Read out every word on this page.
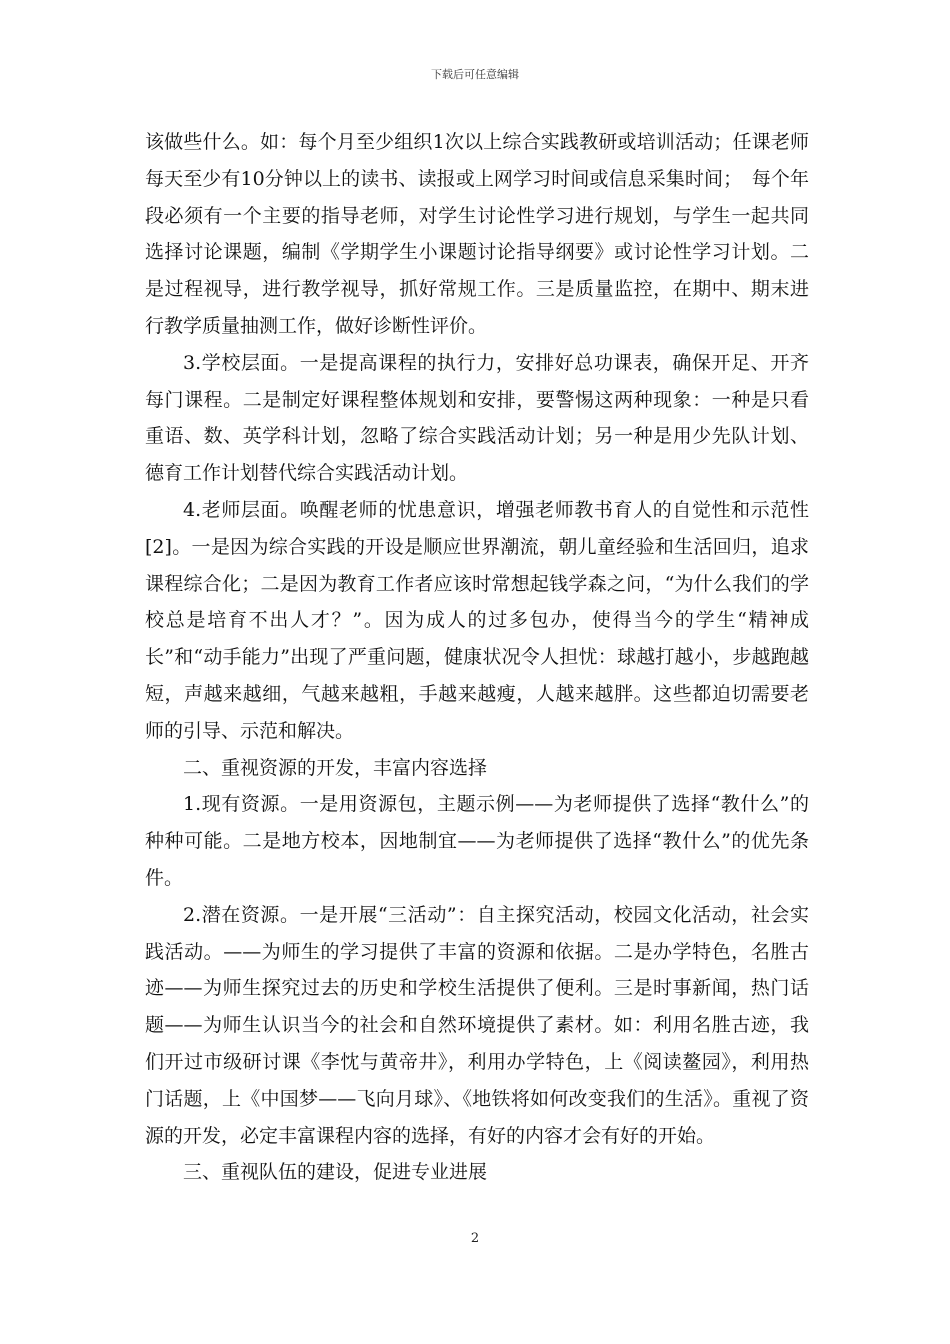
下载后可任意编辑

该做些什么。如：每个月至少组织1次以上综合实践教研或培训活动；任课老师每天至少有10分钟以上的读书、读报或上网学习时间或信息采集时间；　每个年段必须有一个主要的指导老师，对学生讨论性学习进行规划，与学生一起共同选择讨论课题，编制《学期学生小课题讨论指导纲要》或讨论性学习计划。二是过程视导，进行教学视导，抓好常规工作。三是质量监控，在期中、期末进行教学质量抽测工作，做好诊断性评价。

3.学校层面。一是提高课程的执行力，安排好总功课表，确保开足、开齐每门课程。二是制定好课程整体规划和安排，要警惕这两种现象：一种是只看重语、数、英学科计划，忽略了综合实践活动计划；另一种是用少先队计划、德育工作计划替代综合实践活动计划。

4.老师层面。唤醒老师的忧患意识，增强老师教书育人的自觉性和示范性[2]。一是因为综合实践的开设是顺应世界潮流，朝儿童经验和生活回归，追求课程综合化；二是因为教育工作者应该时常想起钱学森之问，“为什么我们的学校总是培育不出人才？”。因为成人的过多包办，使得当今的学生“精神成长”和“动手能力”出现了严重问题，健康状况令人担忧：球越打越小，步越跑越短，声越来越细，气越来越粗，手越来越瘦，人越来越胖。这些都迫切需要老师的引导、示范和解决。

二、重视资源的开发，丰富内容选择

1.现有资源。一是用资源包，主题示例——为老师提供了选择“教什么”的种种可能。二是地方校本，因地制宜——为老师提供了选择“教什么”的优先条件。

2.潜在资源。一是开展“三活动”：自主探究活动，校园文化活动，社会实践活动。——为师生的学习提供了丰富的资源和依据。二是办学特色，名胜古迹——为师生探究过去的历史和学校生活提供了便利。三是时事新闻，热门话题——为师生认识当今的社会和自然环境提供了素材。如：利用名胜古迹，我们开过市级研讨课《李忱与黄帝井》，利用办学特色，上《阅读鳌园》，利用热门话题，上《中国梦——飞向月球》、《地铁将如何改变我们的生活》。重视了资源的开发，必定丰富课程内容的选择，有好的内容才会有好的开始。

三、重视队伍的建设，促进专业进展

2
